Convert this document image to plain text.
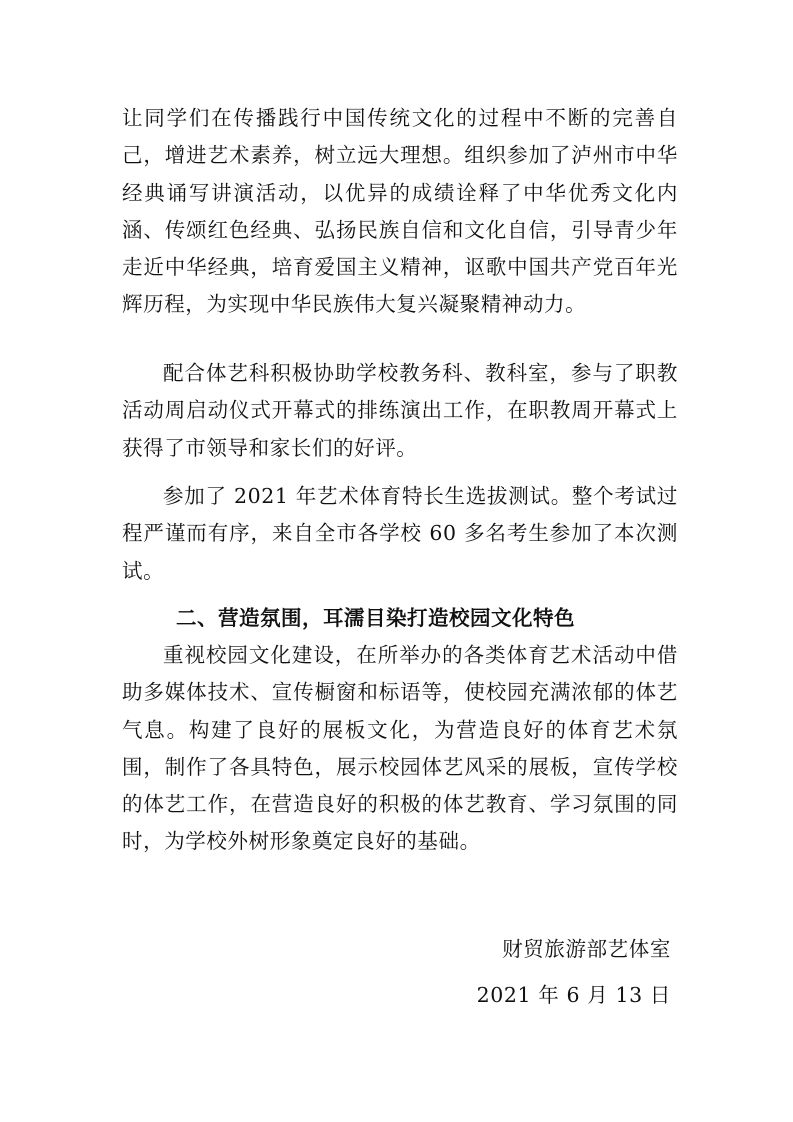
让同学们在传播践行中国传统文化的过程中不断的完善自己，增进艺术素养，树立远大理想。组织参加了泸州市中华经典诵写讲演活动，以优异的成绩诠释了中华优秀文化内涵、传颂红色经典、弘扬民族自信和文化自信，引导青少年走近中华经典，培育爱国主义精神，讴歌中国共产党百年光辉历程，为实现中华民族伟大复兴凝聚精神动力。

配合体艺科积极协助学校教务科、教科室，参与了职教活动周启动仪式开幕式的排练演出工作，在职教周开幕式上获得了市领导和家长们的好评。

参加了 2021 年艺术体育特长生选拔测试。整个考试过程严谨而有序，来自全市各学校 60 多名考生参加了本次测试。

二、营造氛围，耳濡目染打造校园文化特色

重视校园文化建设，在所举办的各类体育艺术活动中借助多媒体技术、宣传橱窗和标语等，使校园充满浓郁的体艺气息。构建了良好的展板文化，为营造良好的体育艺术氛围，制作了各具特色，展示校园体艺风采的展板，宣传学校的体艺工作，在营造良好的积极的体艺教育、学习氛围的同时，为学校外树形象奠定良好的基础。

财贸旅游部艺体室

2021 年 6 月 13 日
